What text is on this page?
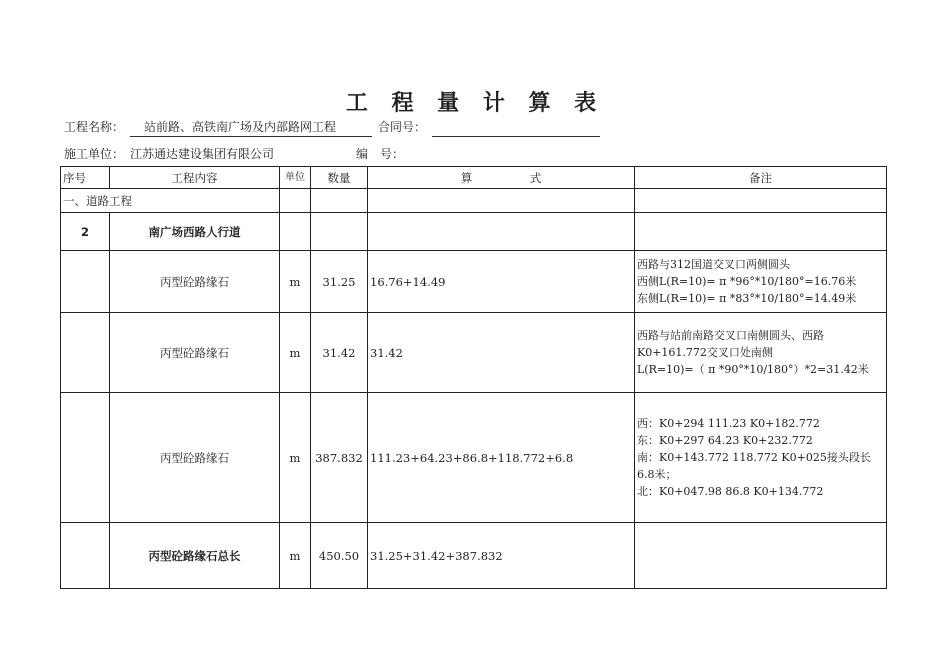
工 程 量 计 算 表
工程名称： 站前路、高铁南广场及内部路网工程	合同号：
施工单位： 江苏通达建设集团有限公司	编　号：
序号	工程内容	单位	数量	算　　　　　式	备注
一、道路工程					
2	南广场西路人行道				
	丙型砼路缘石	m	31.25	16.76+14.49	西路与312国道交叉口两侧圆头
西侧L(R=10)= π *96°*10/180°=16.76米
东侧L(R=10)= π *83°*10/180°=14.49米

	丙型砼路缘石	m	31.42	31.42	西路与站前南路交叉口南侧圆头、西路
K0+161.772交叉口处南侧
L(R=10)=（ π *90°*10/180°）*2=31.42米

	丙型砼路缘石	m	387.832	111.23+64.23+86.8+118.772+6.8	西：K0+294 111.23 K0+182.772
东：K0+297 64.23 K0+232.772
南：K0+143.772 118.772 K0+025接头段长6.8米；
北：K0+047.98 86.8 K0+134.772

	丙型砼路缘石总长	m	450.50	31.25+31.42+387.832	
